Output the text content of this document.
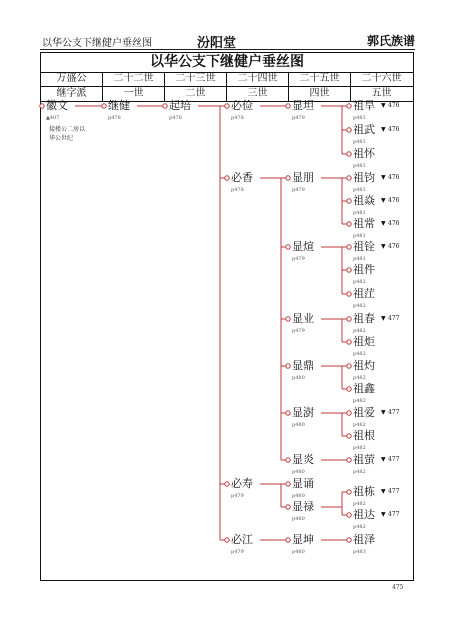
以华公支下继健户垂丝图	汾阳堂	郭氏族谱
以华公支下继健户垂丝图
万盛公	二十二世	二十三世	二十四世	二十五世	二十六世
继字派	一世	二世	三世	四世	五世
徽文
▲407
继健
p478
起培
p478
必俭
p478
显坦
p479
祖旱
p481
▼ 476
祖武
p481
▼ 476
祖怀
p481
必香
p478
显朋
p479
祖钧
p481
▼ 476
祖焱
p481
▼ 476
祖常
p481
▼ 476
显煊
p479
祖铨
p481
▼ 476
祖件
p482
祖茳
p482
显业
p479
祖春
p482
▼ 477
祖炬
p482
显鼎
p480
祖灼
p482
祖鑫
p482
显澍
p480
祖爱
p482
▼ 477
祖根
p482
显炎
p480
祖萤
p482
▼ 477
必寿
p479
显诵
p480
显禄
p480
祖栋
p482
▼ 477
祖达
p482
▼ 477
必江
p479
显坤
p480
祖泽
p483
接楼公二房以
华公世纪
475
